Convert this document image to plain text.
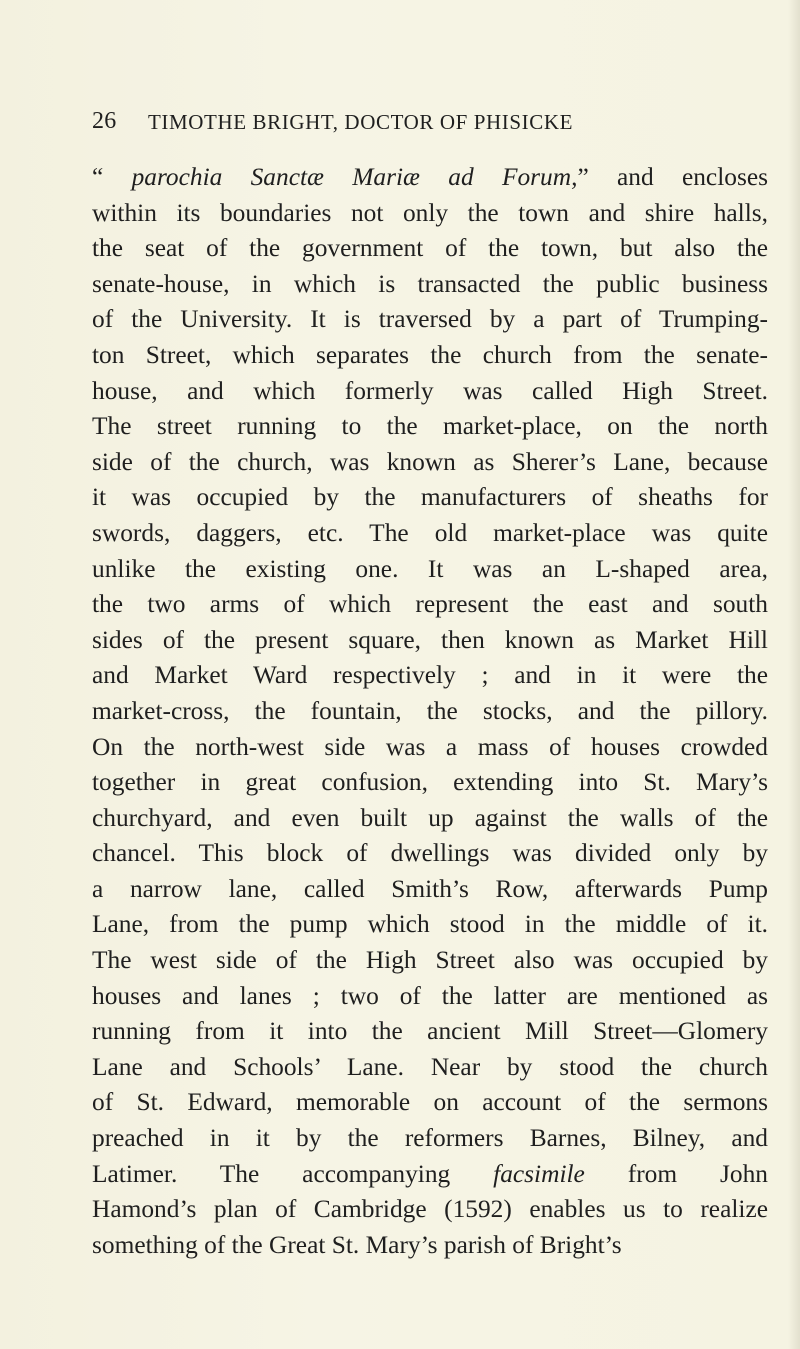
26 TIMOTHE BRIGHT, DOCTOR OF PHISICKE
“ parochia Sanctæ Mariæ ad Forum,” and encloses
within its boundaries not only the town and shire halls,
the seat of the government of the town, but also the
senate-house, in which is transacted the public business
of the University. It is traversed by a part of Trumping-
ton Street, which separates the church from the senate-
house, and which formerly was called High Street.
The street running to the market-place, on the north
side of the church, was known as Sherer’s Lane, because
it was occupied by the manufacturers of sheaths for
swords, daggers, etc. The old market-place was quite
unlike the existing one. It was an L-shaped area,
the two arms of which represent the east and south
sides of the present square, then known as Market Hill
and Market Ward respectively ; and in it were the
market-cross, the fountain, the stocks, and the pillory.
On the north-west side was a mass of houses crowded
together in great confusion, extending into St. Mary’s
churchyard, and even built up against the walls of the
chancel. This block of dwellings was divided only by
a narrow lane, called Smith’s Row, afterwards Pump
Lane, from the pump which stood in the middle of it.
The west side of the High Street also was occupied by
houses and lanes ; two of the latter are mentioned as
running from it into the ancient Mill Street—Glomery
Lane and Schools’ Lane. Near by stood the church
of St. Edward, memorable on account of the sermons
preached in it by the reformers Barnes, Bilney, and
Latimer. The accompanying facsimile from John
Hamond’s plan of Cambridge (1592) enables us to realize
something of the Great St. Mary’s parish of Bright’s
